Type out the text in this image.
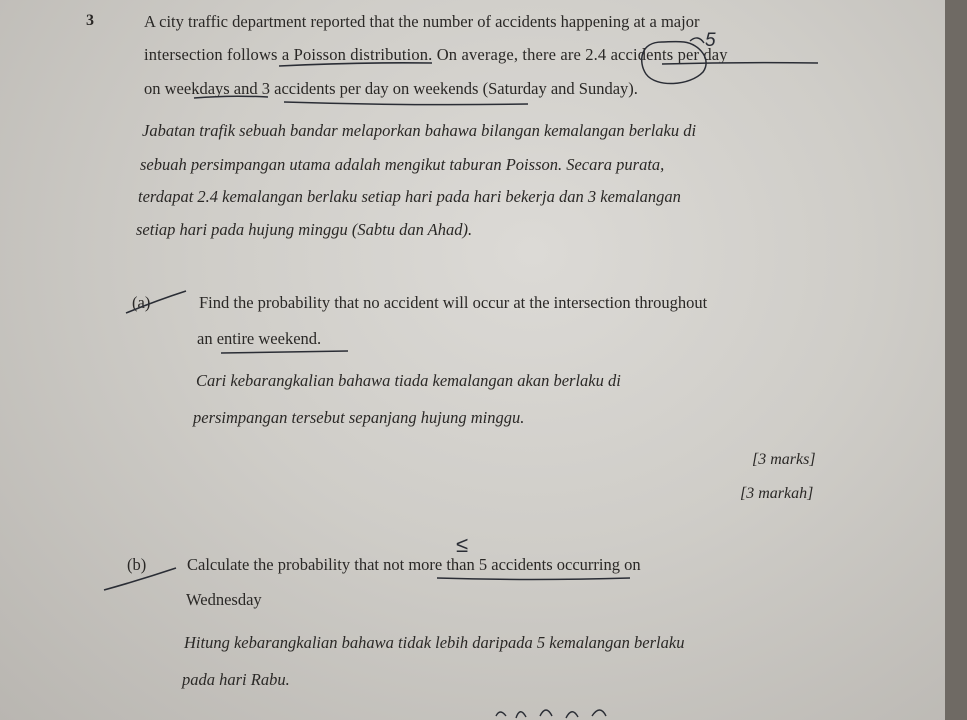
3	A city traffic department reported that the number of accidents happening at a major
intersection follows a Poisson distribution. On average, there are 2.4 accidents per day
on weekdays and 3 accidents per day on weekends (Saturday and Sunday).
Jabatan trafik sebuah bandar melaporkan bahawa bilangan kemalangan berlaku di
sebuah persimpangan utama adalah mengikut taburan Poisson. Secara purata,
terdapat 2.4 kemalangan berlaku setiap hari pada hari bekerja dan 3 kemalangan
setiap hari pada hujung minggu (Sabtu dan Ahad).
(a)	Find the probability that no accident will occur at the intersection throughout
an entire weekend.
Cari kebarangkalian bahawa tiada kemalangan akan berlaku di
persimpangan tersebut sepanjang hujung minggu.
[3 marks]
[3 markah]
(b) Calculate the probability that not more than 5 accidents occurring on
Wednesday
Hitung kebarangkalian bahawa tidak lebih daripada 5 kemalangan berlaku
pada hari Rabu.
5
≤
